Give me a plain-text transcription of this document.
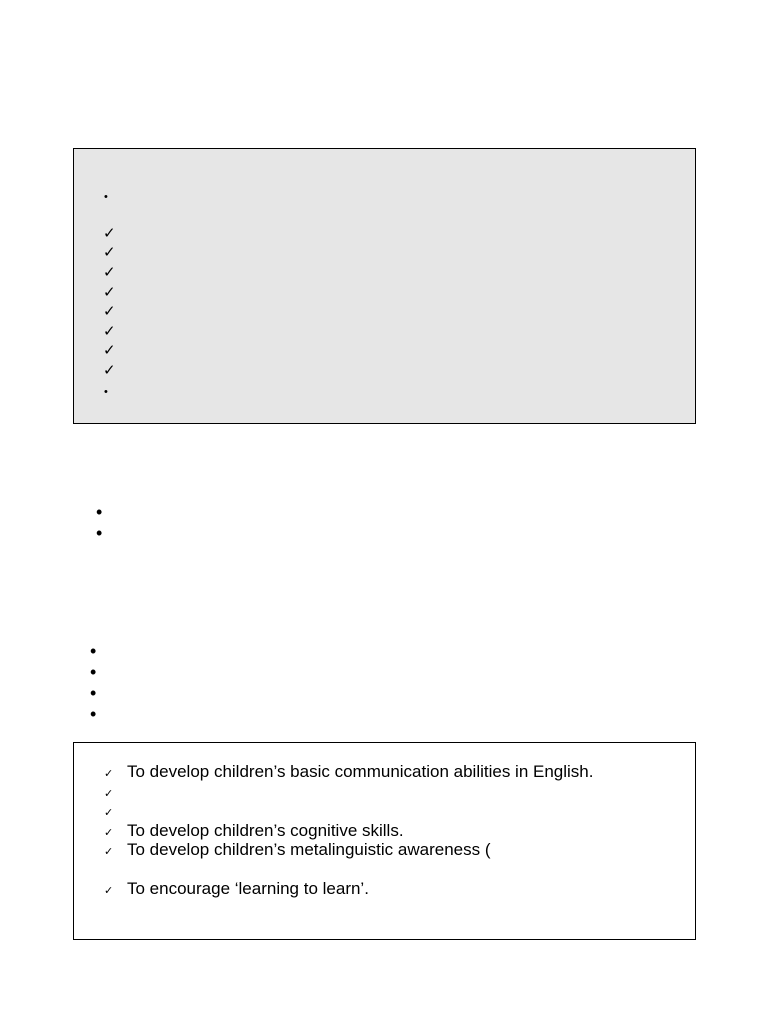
•
✓
✓
✓
✓
✓
✓
✓
✓
•
•
•
•
•
•
•
✓ To develop children’s basic communication abilities in English.
✓
✓
✓ To develop children’s cognitive skills.
✓ To develop children’s metalinguistic awareness (
✓ To encourage ‘learning to learn’.
